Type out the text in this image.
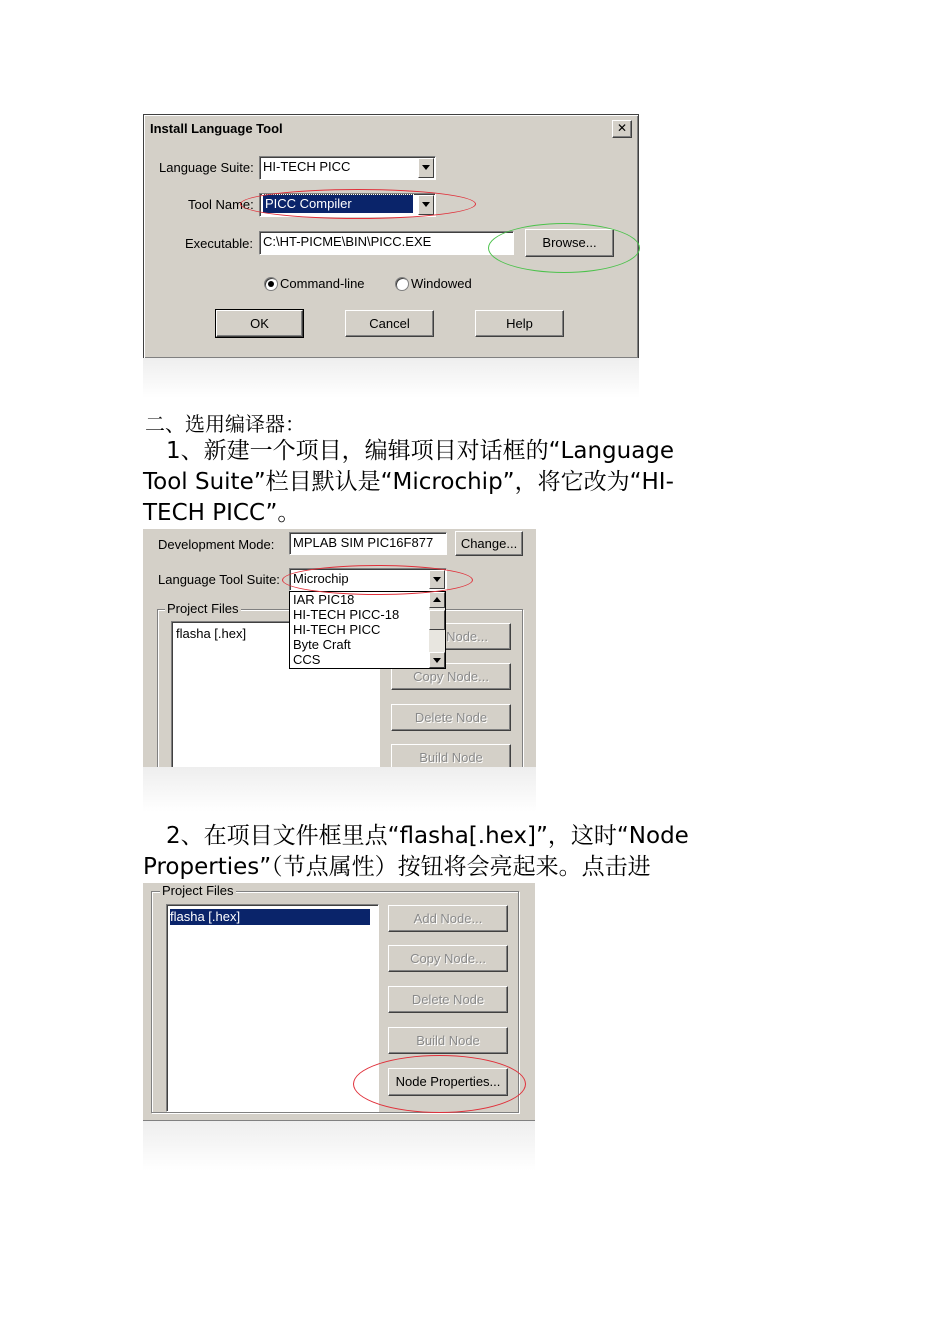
Install Language Tool	✕
Language Suite: HI-TECH PICC
Tool Name: PICC Compiler
Executable: C:\HT-PICME\BIN\PICC.EXE	Browse...
Command-line	Windowed
OK	Cancel	Help
二、选用编译器：
　1、新建一个项目，编辑项目对话框的“Language
Tool Suite”栏目默认是“Microchip”，将它改为“HI-
TECH PICC”。
Development Mode:	MPLAB SIM PIC16F877	Change...
Language Tool Suite:	Microchip
Project Files
flasha [.hex]	Node...
Copy Node...
Delete Node
Build Node
IAR PIC18
HI-TECH PICC-18
HI-TECH PICC
Byte Craft
CCS
　2、在项目文件框里点“flasha[.hex]”，这时“Node
Properties”（节点属性）按钮将会亮起来。点击进
Project Files
flasha [.hex]	Add Node...
Copy Node...
Delete Node
Build Node
Node Properties...
